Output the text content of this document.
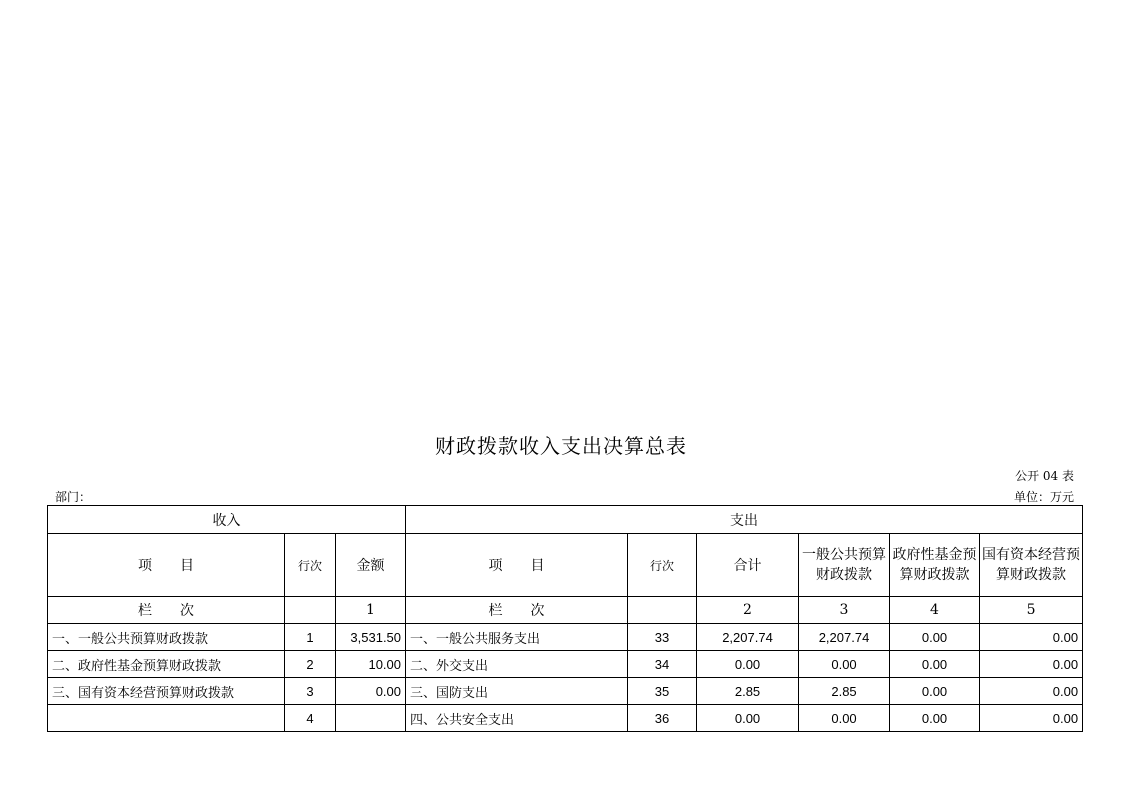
财政拨款收入支出决算总表
公开 04 表
部门：	单位：万元
收入			支出					
项　　目	行次	金额	项　　目	行次	合计	一般公共预算财政拨款	政府性基金预算财政拨款	国有资本经营预算财政拨款
栏　　次		1	栏　　次		2	3	4	5
一、一般公共预算财政拨款	1	3,531.50	一、一般公共服务支出	33	2,207.74	2,207.74	0.00	0.00
二、政府性基金预算财政拨款	2	10.00	二、外交支出	34	0.00	0.00	0.00	0.00
三、国有资本经营预算财政拨款	3	0.00	三、国防支出	35	2.85	2.85	0.00	0.00
	4		四、公共安全支出	36	0.00	0.00	0.00	0.00
